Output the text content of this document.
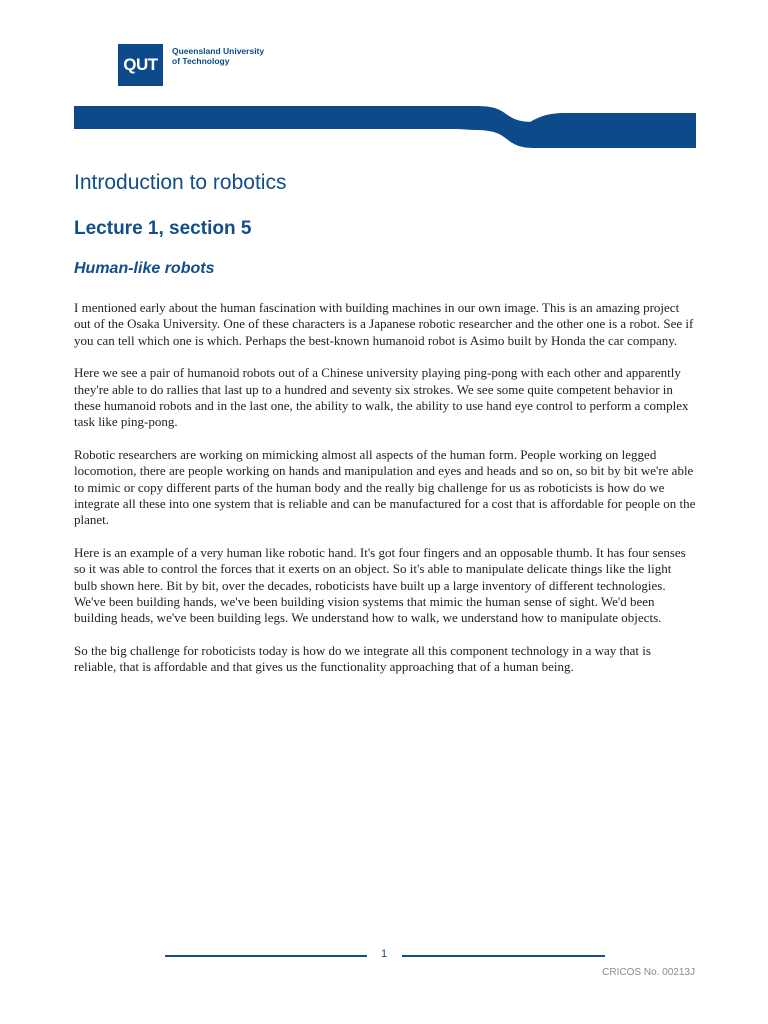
QUT
Queensland University
of Technology
Introduction to robotics
Lecture 1, section 5
Human-like robots

I mentioned early about the human fascination with building machines in our own image. This is an amazing project out of the Osaka University. One of these characters is a Japanese robotic researcher and the other one is a robot. See if you can tell which one is which. Perhaps the best-known humanoid robot is Asimo built by Honda the car company.

Here we see a pair of humanoid robots out of a Chinese university playing ping-pong with each other and apparently they're able to do rallies that last up to a hundred and seventy six strokes. We see some quite competent behavior in these humanoid robots and in the last one, the ability to walk, the ability to use hand eye control to perform a complex task like ping-pong.

Robotic researchers are working on mimicking almost all aspects of the human form. People working on legged locomotion, there are people working on hands and manipulation and eyes and heads and so on, so bit by bit we're able to mimic or copy different parts of the human body and the really big challenge for us as roboticists is how do we integrate all these into one system that is reliable and can be manufactured for a cost that is affordable for people on the planet.

Here is an example of a very human like robotic hand. It's got four fingers and an opposable thumb. It has four senses so it was able to control the forces that it exerts on an object. So it's able to manipulate delicate things like the light bulb shown here. Bit by bit, over the decades, roboticists have built up a large inventory of different technologies. We've been building hands, we've been building vision systems that mimic the human sense of sight. We'd been building heads, we've been building legs. We understand how to walk, we understand how to manipulate objects.

So the big challenge for roboticists today is how do we integrate all this component technology in a way that is reliable, that is affordable and that gives us the functionality approaching that of a human being.

1
CRICOS No. 00213J
